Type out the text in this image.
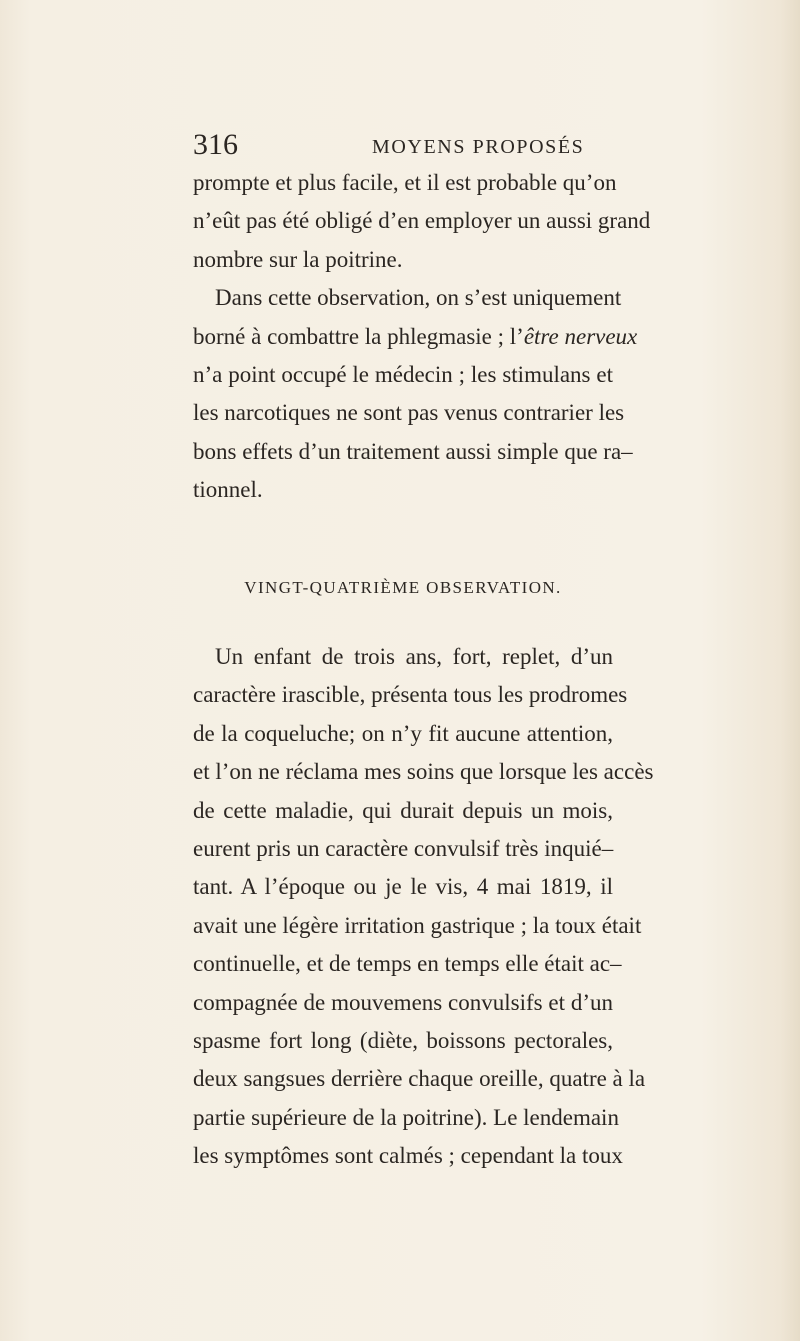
316	MOYENS PROPOSÉS
prompte et plus facile, et il est probable qu’on
n’eût pas été obligé d’en employer un aussi grand
nombre sur la poitrine.
Dans cette observation, on s’est uniquement
borné à combattre la phlegmasie ; l’être nerveux
n’a point occupé le médecin ; les stimulans et
les narcotiques ne sont pas venus contrarier les
bons effets d’un traitement aussi simple que ra–
tionnel.
VINGT-QUATRIÈME OBSERVATION.
Un enfant de trois ans, fort, replet, d’un
caractère irascible, présenta tous les prodromes
de la coqueluche; on n’y fit aucune attention,
et l’on ne réclama mes soins que lorsque les accès
de cette maladie, qui durait depuis un mois,
eurent pris un caractère convulsif très inquié–
tant. A l’époque ou je le vis, 4 mai 1819, il
avait une légère irritation gastrique ; la toux était
continuelle, et de temps en temps elle était ac–
compagnée de mouvemens convulsifs et d’un
spasme fort long (diète, boissons pectorales,
deux sangsues derrière chaque oreille, quatre à la
partie supérieure de la poitrine). Le lendemain
les symptômes sont calmés ; cependant la toux
